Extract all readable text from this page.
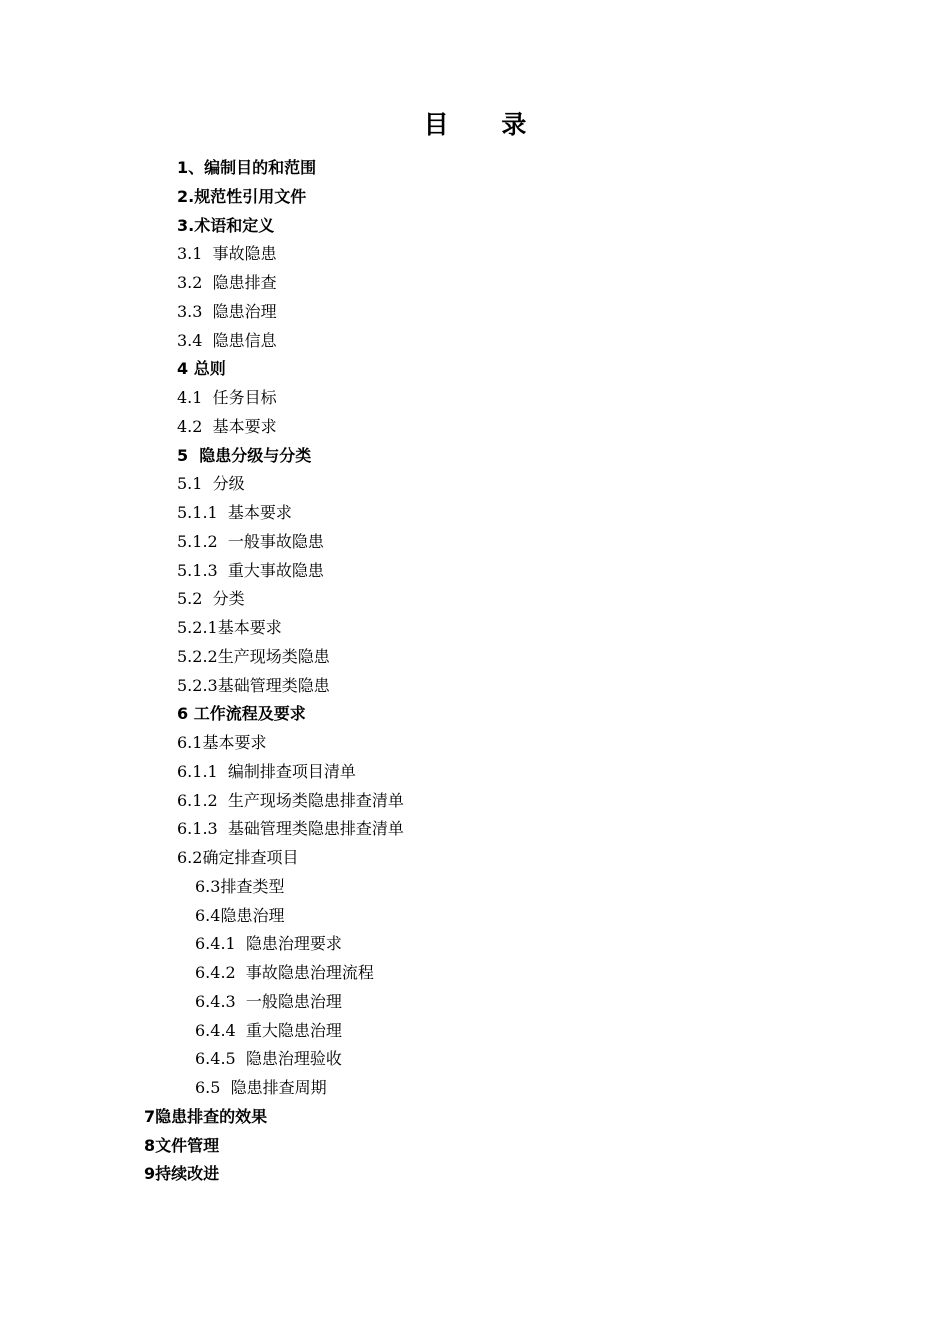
目 录
1、编制目的和范围
2.规范性引用文件
3.术语和定义
3.1  事故隐患
3.2  隐患排查
3.3  隐患治理
3.4  隐患信息
4 总则
4.1  任务目标
4.2  基本要求
5  隐患分级与分类
5.1  分级
5.1.1  基本要求
5.1.2  一般事故隐患
5.1.3  重大事故隐患
5.2  分类
5.2.1基本要求
5.2.2生产现场类隐患
5.2.3基础管理类隐患
6 工作流程及要求
6.1基本要求
6.1.1  编制排查项目清单
6.1.2  生产现场类隐患排查清单
6.1.3  基础管理类隐患排查清单
6.2确定排查项目
6.3排查类型
6.4隐患治理
6.4.1  隐患治理要求
6.4.2  事故隐患治理流程
6.4.3  一般隐患治理
6.4.4  重大隐患治理
6.4.5  隐患治理验收
6.5  隐患排查周期
7隐患排查的效果
8文件管理
9持续改进
